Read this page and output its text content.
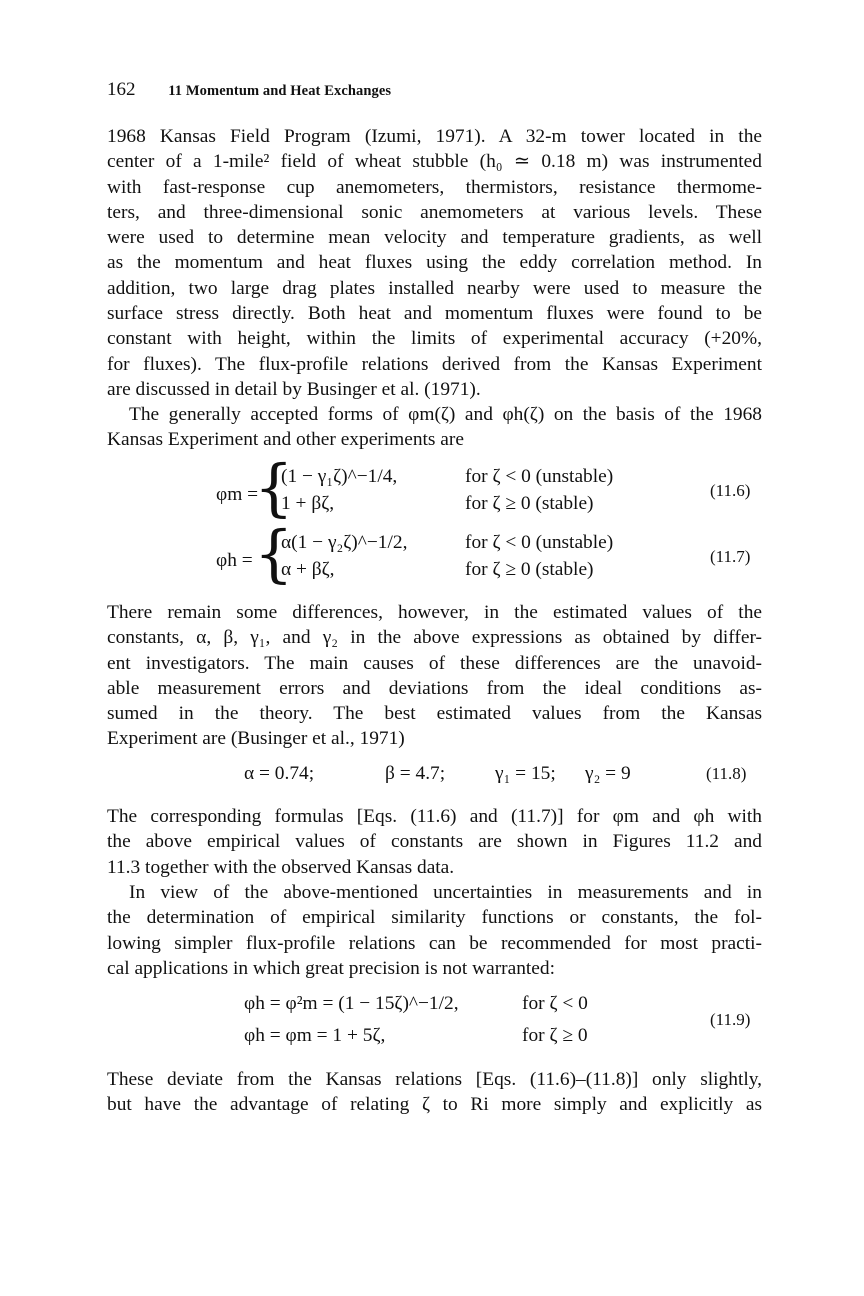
162 11 Momentum and Heat Exchanges
1968 Kansas Field Program (Izumi, 1971). A 32-m tower located in the
center of a 1-mile² field of wheat stubble (h₀ ≃ 0.18 m) was instrumented
with fast-response cup anemometers, thermistors, resistance thermome-
ters, and three-dimensional sonic anemometers at various levels. These
were used to determine mean velocity and temperature gradients, as well
as the momentum and heat fluxes using the eddy correlation method. In
addition, two large drag plates installed nearby were used to measure the
surface stress directly. Both heat and momentum fluxes were found to be
constant with height, within the limits of experimental accuracy (+20%,
for fluxes). The flux-profile relations derived from the Kansas Experiment
are discussed in detail by Businger et al. (1971).
The generally accepted forms of φm(ζ) and φh(ζ) on the basis of the 1968
Kansas Experiment and other experiments are
φm =
{
(1 − γ₁ζ)^−1/4,	for ζ < 0 (unstable)
1 + βζ,	for ζ ≥ 0 (stable)
(11.6)
φh = {
α(1 − γ₂ζ)^−1/2,	for ζ < 0 (unstable)
α + βζ,	for ζ ≥ 0 (stable)
(11.7)
There remain some differences, however, in the estimated values of the
constants, α, β, γ₁, and γ₂ in the above expressions as obtained by differ-
ent investigators. The main causes of these differences are the unavoid-
able measurement errors and deviations from the ideal conditions as-
sumed in the theory. The best estimated values from the Kansas
Experiment are (Businger et al., 1971)
α = 0.74;	β = 4.7;	γ₁ = 15; γ₂ = 9	(11.8)
The corresponding formulas [Eqs. (11.6) and (11.7)] for φm and φh with
the above empirical values of constants are shown in Figures 11.2 and
11.3 together with the observed Kansas data.
In view of the above-mentioned uncertainties in measurements and in
the determination of empirical similarity functions or constants, the fol-
lowing simpler flux-profile relations can be recommended for most practi-
cal applications in which great precision is not warranted:
φh = φ²m = (1 − 15ζ)^−1/2,	for ζ < 0
φh = φm = 1 + 5ζ,	for ζ ≥ 0
(11.9)
These deviate from the Kansas relations [Eqs. (11.6)–(11.8)] only slightly,
but have the advantage of relating ζ to Ri more simply and explicitly as
